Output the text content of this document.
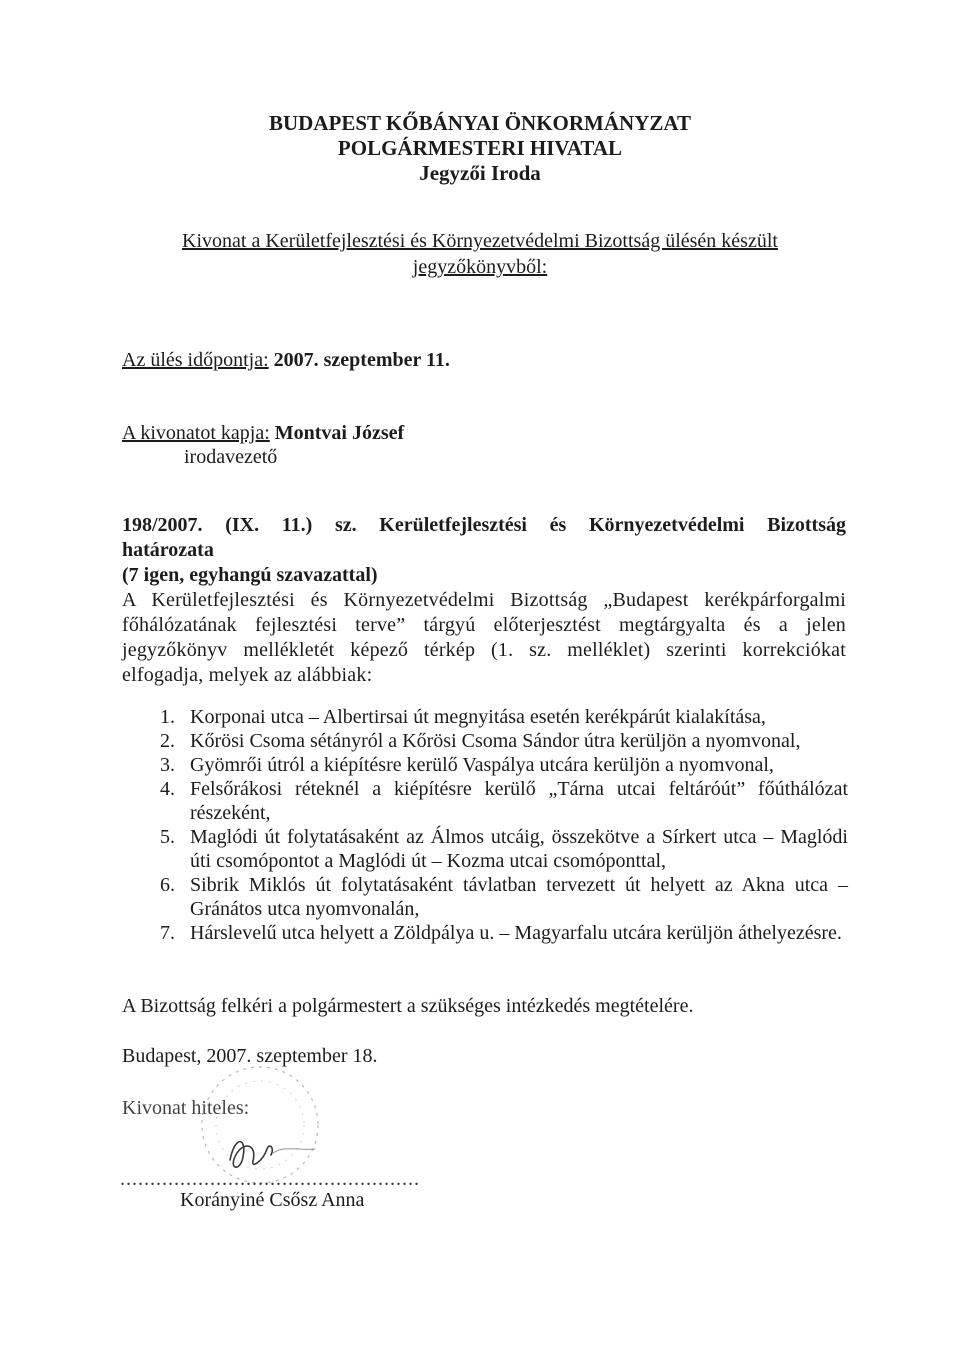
BUDAPEST KŐBÁNYAI ÖNKORMÁNYZAT
POLGÁRMESTERI HIVATAL
Jegyzői Iroda
Kivonat a Kerületfejlesztési és Környezetvédelmi Bizottság ülésén készült
jegyzőkönyvből:
Az ülés időpontja: 2007. szeptember 11.
A kivonatot kapja: Montvai József
irodavezető
198/2007. (IX. 11.) sz. Kerületfejlesztési és Környezetvédelmi Bizottság
határozata
(7 igen, egyhangú szavazattal)
A Kerületfejlesztési és Környezetvédelmi Bizottság „Budapest kerékpárforgalmi főhálózatának fejlesztési terve” tárgyú előterjesztést megtárgyalta és a jelen jegyzőkönyv mellékletét képező térkép (1. sz. melléklet) szerinti korrekciókat elfogadja, melyek az alábbiak:
1. Korponai utca – Albertirsai út megnyitása esetén kerékpárút kialakítása,
2. Kőrösi Csoma sétányról a Kőrösi Csoma Sándor útra kerüljön a nyomvonal,
3. Gyömrői útról a kiépítésre kerülő Vaspálya utcára kerüljön a nyomvonal,
4. Felsőrákosi réteknél a kiépítésre kerülő „Tárna utcai feltáróút” főúthálózat részeként,
5. Maglódi út folytatásaként az Álmos utcáig, összekötve a Sírkert utca – Maglódi úti csomópontot a Maglódi út – Kozma utcai csomóponttal,
6. Sibrik Miklós út folytatásaként távlatban tervezett út helyett az Akna utca – Gránátos utca nyomvonalán,
7. Hárslevelű utca helyett a Zöldpálya u. – Magyarfalu utcára kerüljön áthelyezésre.
A Bizottság felkéri a polgármestert a szükséges intézkedés megtételére.
Budapest, 2007. szeptember 18.
Kivonat hiteles:
..................................................
Korányiné Csősz Anna
